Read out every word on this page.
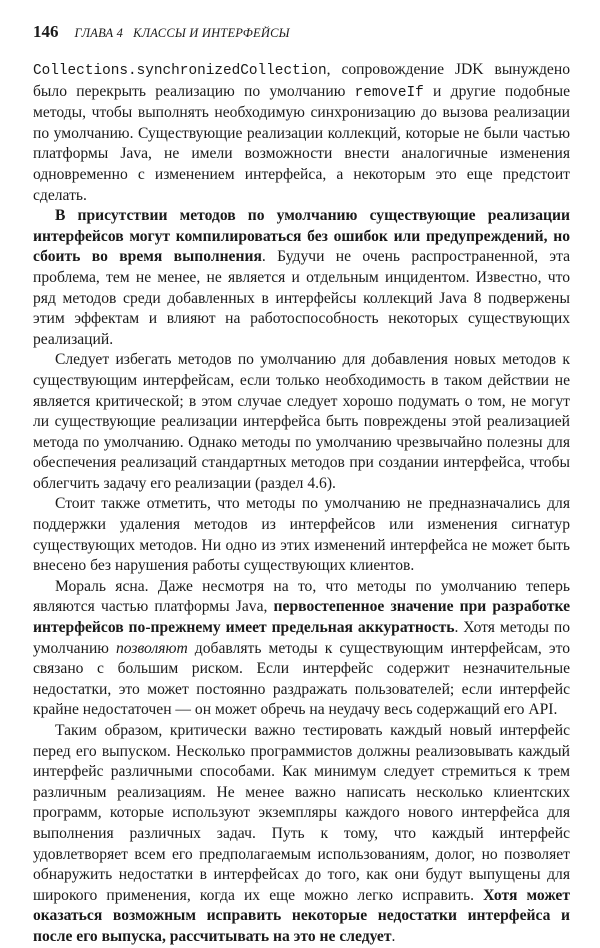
146 ГЛАВА 4 КЛАССЫ И ИНТЕРФЕЙСЫ

Collections.synchronizedCollection, сопровождение JDK вынуждено было перекрыть реализацию по умолчанию removeIf и другие подобные методы, чтобы выполнять необходимую синхронизацию до вызова реализации по умолчанию. Существующие реализации коллекций, которые не были частью платформы Java, не имели возможности внести аналогичные изменения одновременно с изменением интерфейса, а некоторым это еще предстоит сделать.

В присутствии методов по умолчанию существующие реализации интерфейсов могут компилироваться без ошибок или предупреждений, но сбоить во время выполнения. Будучи не очень распространенной, эта проблема, тем не менее, не является и отдельным инцидентом. Известно, что ряд методов среди добавленных в интерфейсы коллекций Java 8 подвержены этим эффектам и влияют на работоспособность некоторых существующих реализаций.

Следует избегать методов по умолчанию для добавления новых методов к существующим интерфейсам, если только необходимость в таком действии не является критической; в этом случае следует хорошо подумать о том, не могут ли существующие реализации интерфейса быть повреждены этой реализацией метода по умолчанию. Однако методы по умолчанию чрезвычайно полезны для обеспечения реализаций стандартных методов при создании интерфейса, чтобы облегчить задачу его реализации (раздел 4.6).

Стоит также отметить, что методы по умолчанию не предназначались для поддержки удаления методов из интерфейсов или изменения сигнатур существующих методов. Ни одно из этих изменений интерфейса не может быть внесено без нарушения работы существующих клиентов.

Мораль ясна. Даже несмотря на то, что методы по умолчанию теперь являются частью платформы Java, первостепенное значение при разработке интерфейсов по-прежнему имеет предельная аккуратность. Хотя методы по умолчанию позволяют добавлять методы к существующим интерфейсам, это связано с большим риском. Если интерфейс содержит незначительные недостатки, это может постоянно раздражать пользователей; если интерфейс крайне недостаточен — он может обречь на неудачу весь содержащий его API.

Таким образом, критически важно тестировать каждый новый интерфейс перед его выпуском. Несколько программистов должны реализовывать каждый интерфейс различными способами. Как минимум следует стремиться к трем различным реализациям. Не менее важно написать несколько клиентских программ, которые используют экземпляры каждого нового интерфейса для выполнения различных задач. Путь к тому, что каждый интерфейс удовлетворяет всем его предполагаемым использованиям, долог, но позволяет обнаружить недостатки в интерфейсах до того, как они будут выпущены для широкого применения, когда их еще можно легко исправить. Хотя может оказаться возможным исправить некоторые недостатки интерфейса и после его выпуска, рассчитывать на это не следует.
